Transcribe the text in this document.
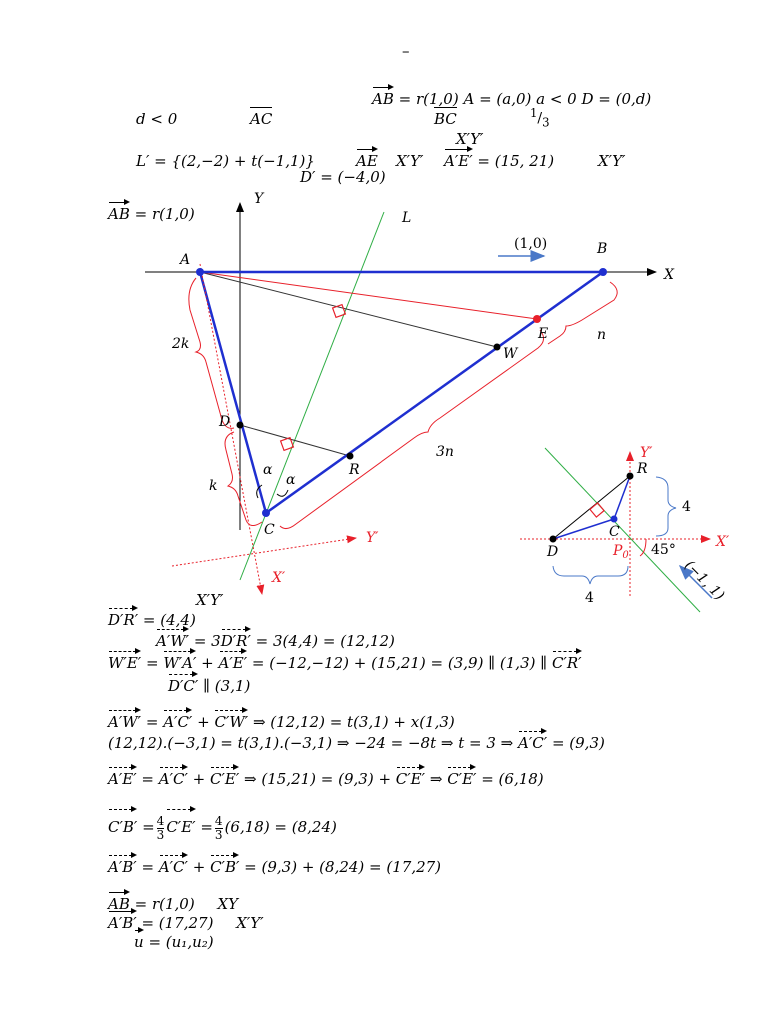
–
AB = r(1,0) A = (a,0) a < 0 D = (0,d)
d < 0	AC	BC	$^1/_3$
X′Y′
L′ = {(2,−2) + t(−1,1)}	AE X′Y′ A′E′ = (15, 21)	X′Y′
D′ = (−4,0)
AB = r(1,0)
Y
L
A
B
X
(1,0)
E	n
W
2k
D
R
3n
α
α
k
C	Y′
X′
Y′
R
4
C
X′
D	$P_0$ 45°
4	(−1, 1)
X′Y′
D′R′ = (4,4)
A′W′ = 3D′R′ = 3(4,4) = (12,12)
W′E′ = W′A′ + A′E′ = (−12,−12) + (15,21) = (3,9) ∥ (1,3) ∥ C′R′
D′C′ ∥ (3,1)
A′W′ = A′C′ + C′W′ ⇒ (12,12) = t(3,1) + x(1,3)
(12,12).(−3,1) = t(3,1).(−3,1) ⇒ −24 = −8t ⇒ t = 3 ⇒ A′C′ = (9,3)
A′E′ = A′C′ + C′E′ ⇒ (15,21) = (9,3) + C′E′ ⇒ C′E′ = (6,18)
$C'B' = \frac{4}{3} C'E' = \frac{4}{3} (6,18) = (8,24)$
A′B′ = A′C′ + C′B′ = (9,3) + (8,24) = (17,27)
AB = r(1,0) XY
A′B′ = (17,27) X′Y′
u = (u₁,u₂)
